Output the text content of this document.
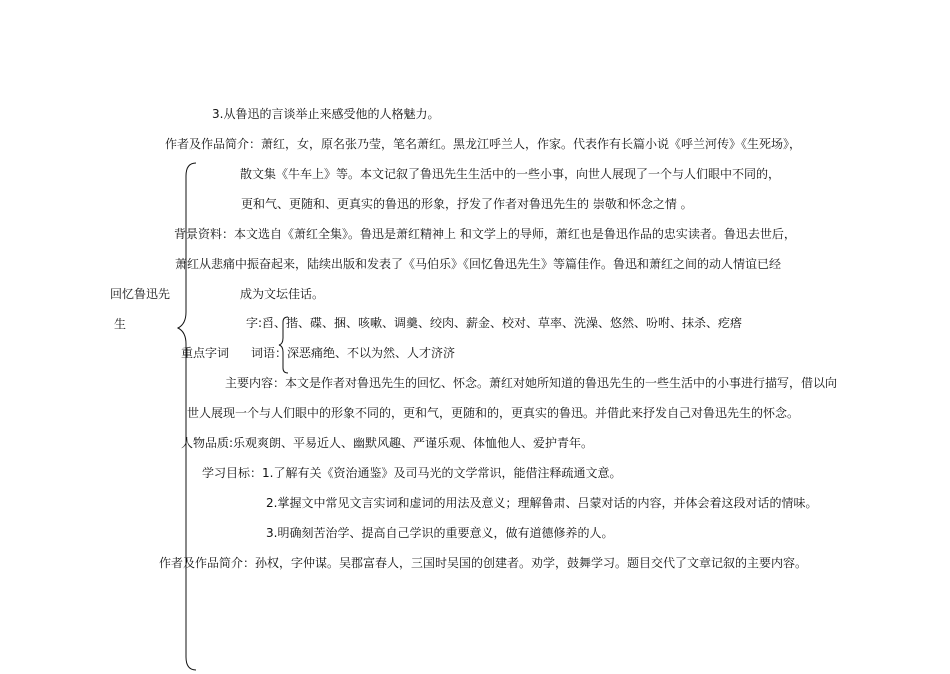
3.从鲁迅的言谈举止来感受他的人格魅力。
作者及作品简介：萧红，女，原名张乃莹，笔名萧红。黑龙江呼兰人，作家。代表作有长篇小说《呼兰河传》《生死场》，
散文集《牛车上》等。本文记叙了鲁迅先生生活中的一些小事，向世人展现了一个与人们眼中不同的，
更和气、更随和、更真实的鲁迅的形象，抒发了作者对鲁迅先生的 崇敬和怀念之情 。
背景资料：本文选自《萧红全集》。鲁迅是萧红精神上 和文学上的导师，萧红也是鲁迅作品的忠实读者。鲁迅去世后，
萧红从悲痛中振奋起来，陆续出版和发表了《马伯乐》《回忆鲁迅先生》等篇佳作。鲁迅和萧红之间的动人情谊已经
回忆鲁迅先	成为文坛佳话。
生	字:舀、揩、碟、捆、咳嗽、调羹、绞肉、薪金、校对、草率、洗澡、悠然、吩咐、抹杀、疙瘩
重点字词 词语：深恶痛绝、不以为然、人才济济
主要内容：本文是作者对鲁迅先生的回忆、怀念。萧红对她所知道的鲁迅先生的一些生活中的小事进行描写，借以向
世人展现一个与人们眼中的形象不同的，更和气，更随和的，更真实的鲁迅。并借此来抒发自己对鲁迅先生的怀念。
人物品质:乐观爽朗、平易近人、幽默风趣、严谨乐观、体恤他人、爱护青年。
学习目标：1.了解有关《资治通鉴》及司马光的文学常识，能借注释疏通文意。
2.掌握文中常见文言实词和虚词的用法及意义；理解鲁肃、吕蒙对话的内容，并体会着这段对话的情味。
3.明确刻苦治学、提高自己学识的重要意义，做有道德修养的人。
作者及作品简介：孙权，字仲谋。吴郡富春人，三国时吴国的创建者。劝学，鼓舞学习。题目交代了文章记叙的主要内容。
